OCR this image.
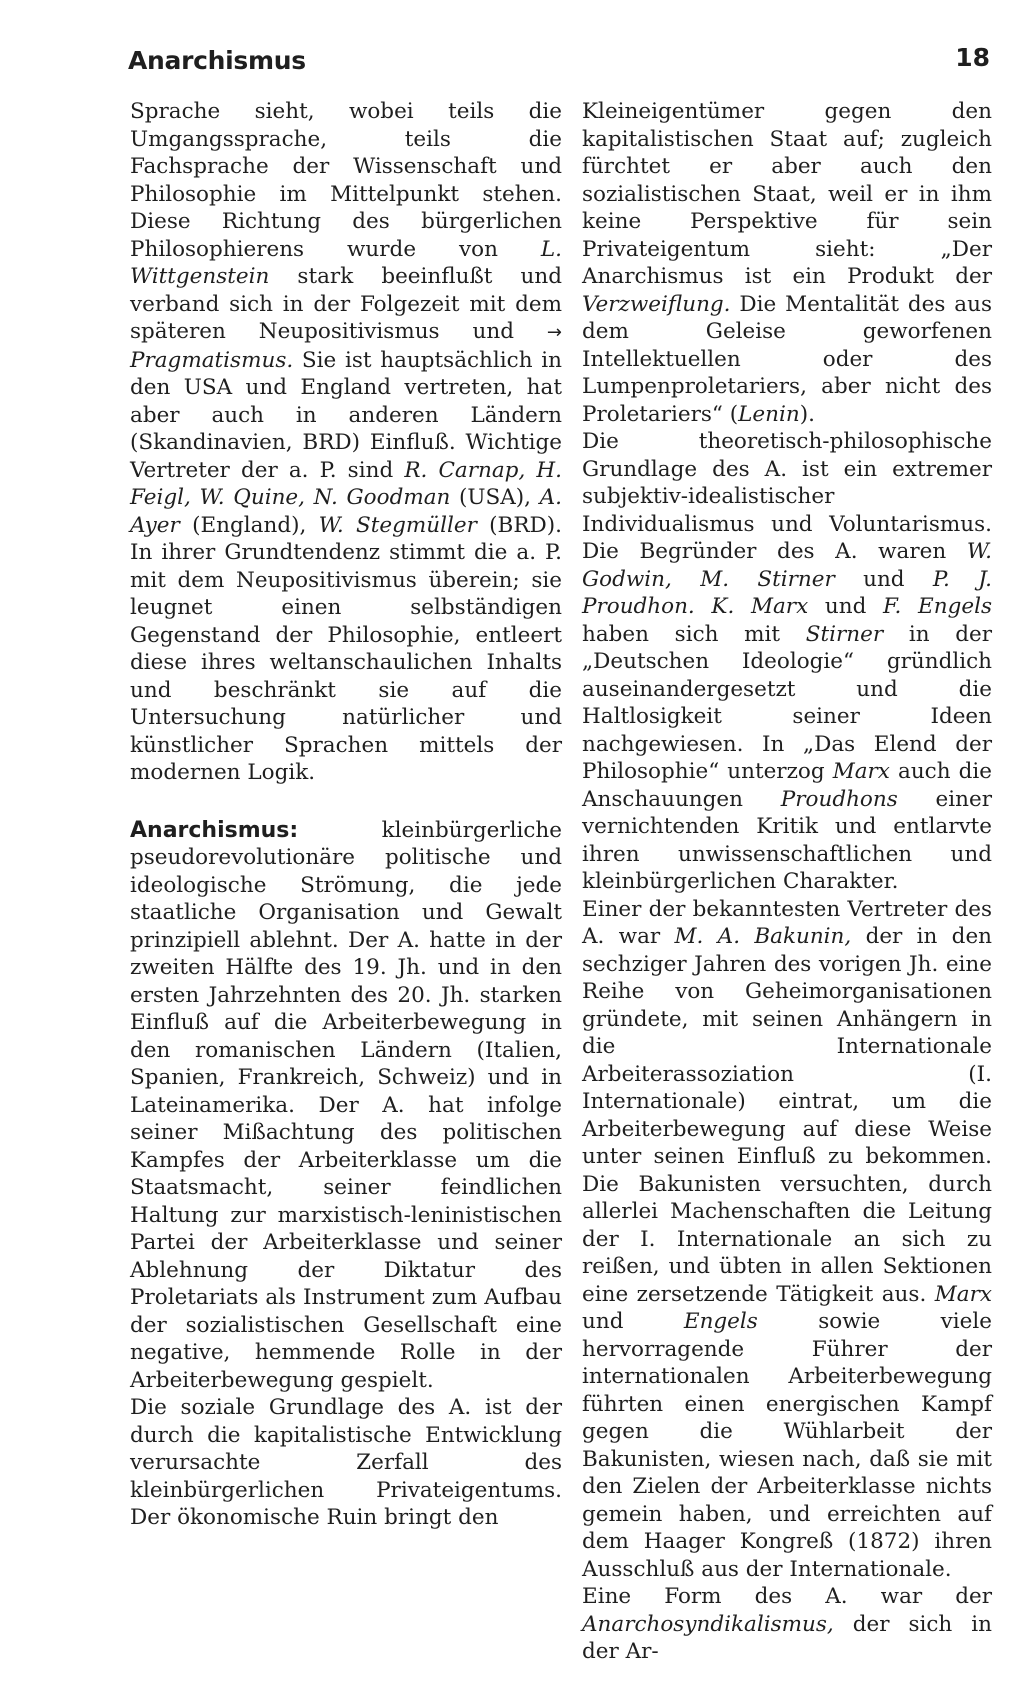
Anarchismus	18

Sprache sieht, wobei teils die Umgangssprache, teils die Fachsprache der Wissenschaft und Philosophie im Mittelpunkt stehen. Diese Richtung des bürgerlichen Philosophierens wurde von L. Wittgenstein stark beeinflußt und verband sich in der Folgezeit mit dem späteren Neupositivismus und → Pragmatismus. Sie ist hauptsächlich in den USA und England vertreten, hat aber auch in anderen Ländern (Skandinavien, BRD) Einfluß. Wichtige Vertreter der a. P. sind R. Carnap, H. Feigl, W. Quine, N. Goodman (USA), A. Ayer (England), W. Stegmüller (BRD). In ihrer Grundtendenz stimmt die a. P. mit dem Neupositivismus überein; sie leugnet einen selbständigen Gegenstand der Philosophie, entleert diese ihres weltanschaulichen Inhalts und beschränkt sie auf die Untersuchung natürlicher und künstlicher Sprachen mittels der modernen Logik.

Anarchismus: kleinbürgerliche pseudorevolutionäre politische und ideologische Strömung, die jede staatliche Organisation und Gewalt prinzipiell ablehnt. Der A. hatte in der zweiten Hälfte des 19. Jh. und in den ersten Jahrzehnten des 20. Jh. starken Einfluß auf die Arbeiterbewegung in den romanischen Ländern (Italien, Spanien, Frankreich, Schweiz) und in Lateinamerika. Der A. hat infolge seiner Mißachtung des politischen Kampfes der Arbeiterklasse um die Staatsmacht, seiner feindlichen Haltung zur marxistisch-leninistischen Partei der Arbeiterklasse und seiner Ablehnung der Diktatur des Proletariats als Instrument zum Aufbau der sozialistischen Gesellschaft eine negative, hemmende Rolle in der Arbeiterbewegung gespielt.

Die soziale Grundlage des A. ist der durch die kapitalistische Entwicklung verursachte Zerfall des kleinbürgerlichen Privateigentums. Der ökonomische Ruin bringt den

Kleineigentümer gegen den kapitalistischen Staat auf; zugleich fürchtet er aber auch den sozialistischen Staat, weil er in ihm keine Perspektive für sein Privateigentum sieht: „Der Anarchismus ist ein Produkt der Verzweiflung. Die Mentalität des aus dem Geleise geworfenen Intellektuellen oder des Lumpenproletariers, aber nicht des Proletariers“ (Lenin).

Die theoretisch-philosophische Grundlage des A. ist ein extremer subjektiv-idealistischer Individualismus und Voluntarismus. Die Begründer des A. waren W. Godwin, M. Stirner und P. J. Proudhon. K. Marx und F. Engels haben sich mit Stirner in der „Deutschen Ideologie“ gründlich auseinandergesetzt und die Haltlosigkeit seiner Ideen nachgewiesen. In „Das Elend der Philosophie“ unterzog Marx auch die Anschauungen Proudhons einer vernichtenden Kritik und entlarvte ihren unwissenschaftlichen und kleinbürgerlichen Charakter.

Einer der bekanntesten Vertreter des A. war M. A. Bakunin, der in den sechziger Jahren des vorigen Jh. eine Reihe von Geheimorganisationen gründete, mit seinen Anhängern in die Internationale Arbeiterassoziation (I. Internationale) eintrat, um die Arbeiterbewegung auf diese Weise unter seinen Einfluß zu bekommen. Die Bakunisten versuchten, durch allerlei Machenschaften die Leitung der I. Internationale an sich zu reißen, und übten in allen Sektionen eine zersetzende Tätigkeit aus. Marx und Engels sowie viele hervorragende Führer der internationalen Arbeiterbewegung führten einen energischen Kampf gegen die Wühlarbeit der Bakunisten, wiesen nach, daß sie mit den Zielen der Arbeiterklasse nichts gemein haben, und erreichten auf dem Haager Kongreß (1872) ihren Ausschluß aus der Internationale.

Eine Form des A. war der Anarchosyndikalismus, der sich in der Ar-
